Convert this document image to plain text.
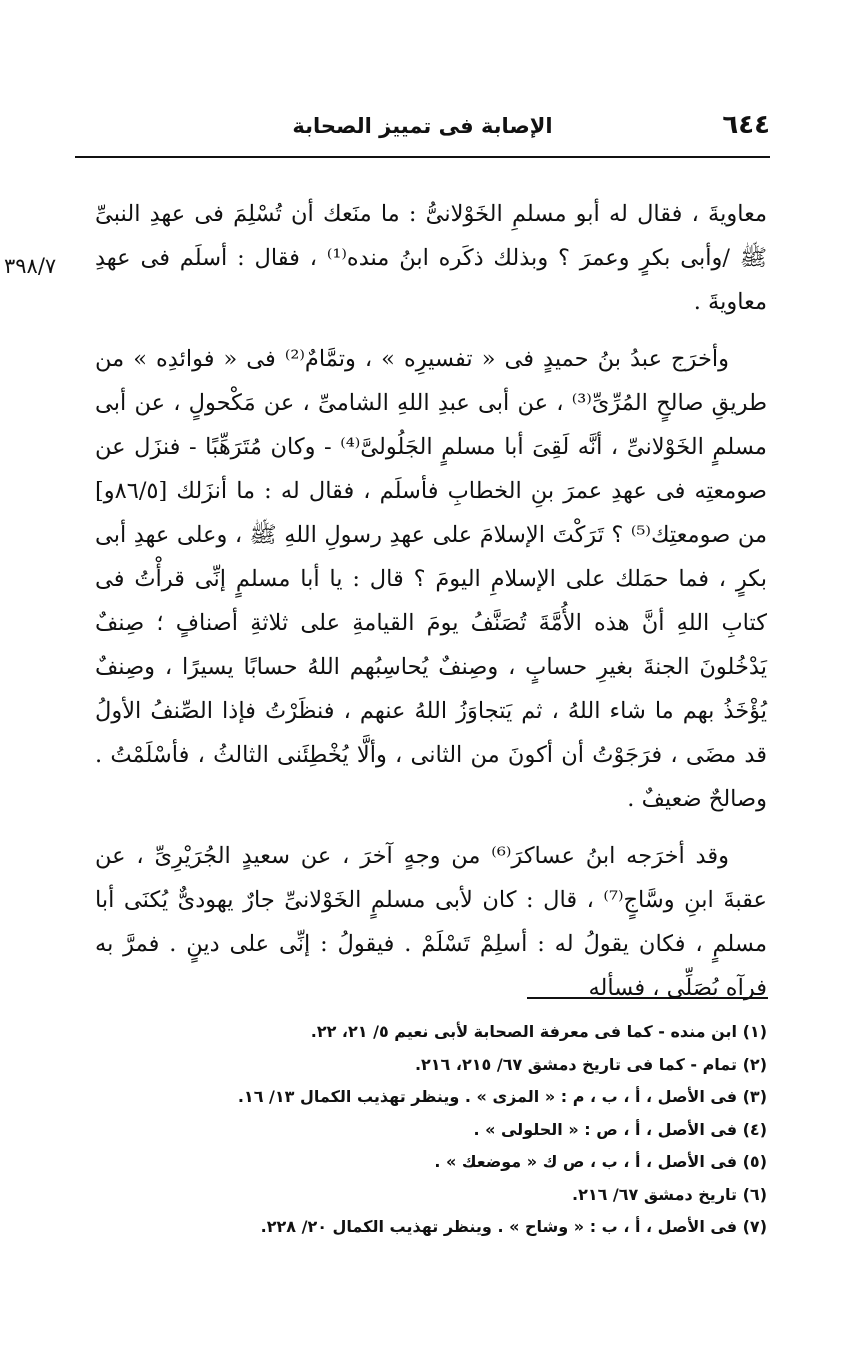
٦٤٤
الإصابة فى تمييز الصحابة
٣٩٨/٧

معاويةَ ، فقال له أبو مسلمِ الخَوْلانىُّ : ما منَعك أن تُسْلِمَ فى عهدِ النبىِّ ﷺ /وأبى بكرٍ وعمرَ ؟ وبذلك ذكَره ابنُ منده⁽¹⁾ ، فقال : أسلَم فى عهدِ معاويةَ .

وأخرَج عبدُ بنُ حميدٍ فى « تفسيرِه » ، وتمَّامٌ⁽²⁾ فى « فوائدِه » من طريقِ صالحٍ المُرِّىِّ⁽³⁾ ، عن أبى عبدِ اللهِ الشامىِّ ، عن مَكْحولٍ ، عن أبى مسلمٍ الخَوْلانىِّ ، أنَّه لَقِىَ أبا مسلمٍ الجَلُولىَّ⁽⁴⁾ - وكان مُتَرَهِّبًا - فنزَل عن صومعتِه فى عهدِ عمرَ بنِ الخطابِ فأسلَم ، فقال له : ما أنزَلك [٨٦/٥و] من صومعتِك⁽⁵⁾ ؟ تَرَكْتَ الإسلامَ على عهدِ رسولِ اللهِ ﷺ ، وعلى عهدِ أبى بكرٍ ، فما حمَلك على الإسلامِ اليومَ ؟ قال : يا أبا مسلمٍ إنِّى قرأْتُ فى كتابِ اللهِ أنَّ هذه الأُمَّةَ تُصَنَّفُ يومَ القيامةِ على ثلاثةِ أصنافٍ ؛ صِنفٌ يَدْخُلونَ الجنةَ بغيرِ حسابٍ ، وصِنفٌ يُحاسِبُهم اللهُ حسابًا يسيرًا ، وصِنفٌ يُؤْخَذُ بهم ما شاء اللهُ ، ثم يَتجاوَزُ اللهُ عنهم ، فنظَرْتُ فإذا الصِّنفُ الأولُ قد مضَى ، فرَجَوْتُ أن أكونَ من الثانى ، وألَّا يُخْطِئَنى الثالثُ ، فأسْلَمْتُ . وصالحٌ ضعيفٌ .

وقد أخرَجه ابنُ عساكرَ⁽⁶⁾ من وجهٍ آخرَ ، عن سعيدٍ الجُرَيْرِىِّ ، عن عقبةَ ابنِ وسَّاجٍ⁽⁷⁾ ، قال : كان لأبى مسلمٍ الخَوْلانىِّ جارٌ يهودىٌّ يُكنَى أبا مسلمٍ ، فكان يقولُ له : أسلِمْ تَسْلَمْ . فيقولُ : إنِّى على دينٍ . فمرَّ به فرآه يُصَلِّى ، فسأله

(١) ابن منده - كما فى معرفة الصحابة لأبى نعيم ٥/ ٢١، ٢٢.
(٢) تمام - كما فى تاريخ دمشق ٦٧/ ٢١٥، ٢١٦.
(٣) فى الأصل ، أ ، ب ، م : « المزى » . وينظر تهذيب الكمال ١٣/ ١٦.
(٤) فى الأصل ، أ ، ص : « الحلولى » .
(٥) فى الأصل ، أ ، ب ، ص ك « موضعك » .
(٦) تاريخ دمشق ٦٧/ ٢١٦.
(٧) فى الأصل ، أ ، ب : « وشاح » . وينظر تهذيب الكمال ٢٠/ ٢٢٨.
